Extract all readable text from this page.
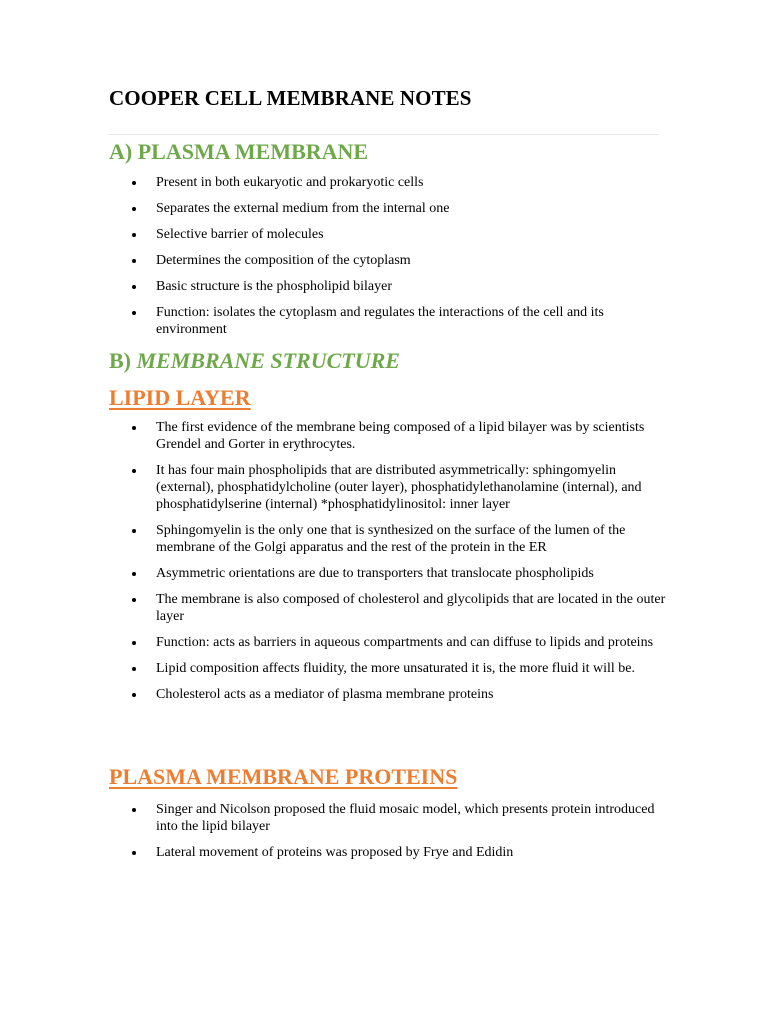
COOPER CELL MEMBRANE NOTES
A) PLASMA MEMBRANE
Present in both eukaryotic and prokaryotic cells
Separates the external medium from the internal one
Selective barrier of molecules
Determines the composition of the cytoplasm
Basic structure is the phospholipid bilayer
Function: isolates the cytoplasm and regulates the interactions of the cell and its environment
B) MEMBRANE STRUCTURE
LIPID LAYER
The first evidence of the membrane being composed of a lipid bilayer was by scientists Grendel and Gorter in erythrocytes.
It has four main phospholipids that are distributed asymmetrically: sphingomyelin (external), phosphatidylcholine (outer layer), phosphatidylethanolamine (internal), and phosphatidylserine (internal) *phosphatidylinositol: inner layer
Sphingomyelin is the only one that is synthesized on the surface of the lumen of the membrane of the Golgi apparatus and the rest of the protein in the ER
Asymmetric orientations are due to transporters that translocate phospholipids
The membrane is also composed of cholesterol and glycolipids that are located in the outer layer
Function: acts as barriers in aqueous compartments and can diffuse to lipids and proteins
Lipid composition affects fluidity, the more unsaturated it is, the more fluid it will be.
Cholesterol acts as a mediator of plasma membrane proteins
PLASMA MEMBRANE PROTEINS
Singer and Nicolson proposed the fluid mosaic model, which presents protein introduced into the lipid bilayer
Lateral movement of proteins was proposed by Frye and Edidin
